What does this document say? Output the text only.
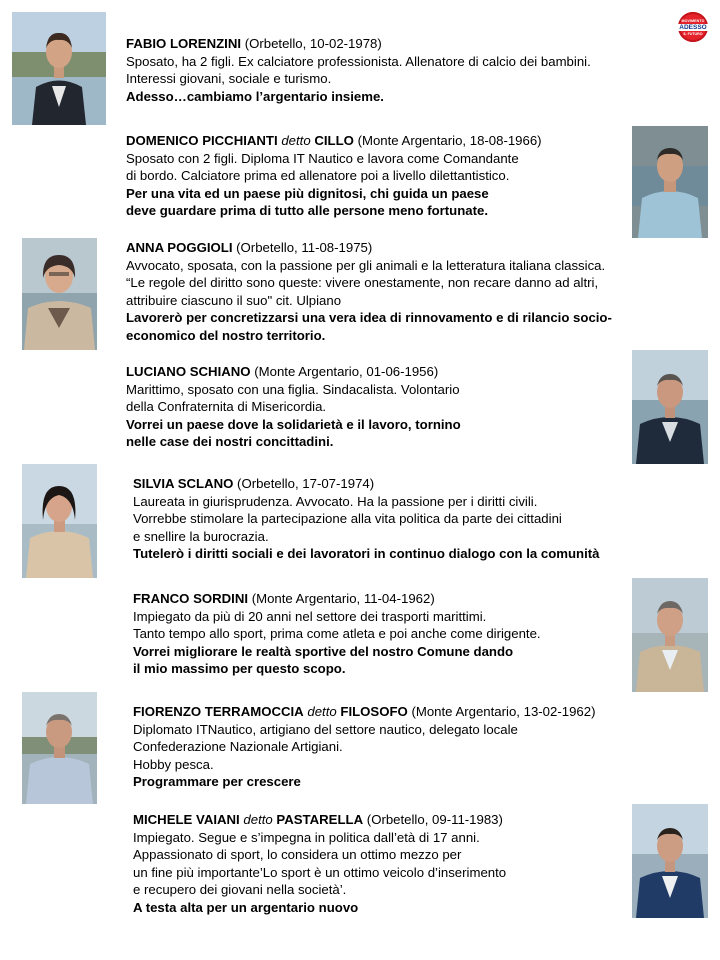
MOVIMENTO
ADESSO
IL FUTURO
FABIO LORENZINI (Orbetello, 10-02-1978)
Sposato, ha 2 figli. Ex calciatore professionista. Allenatore di calcio dei bambini.
Interessi giovani, sociale e turismo.
Adesso…cambiamo l’argentario insieme.
DOMENICO PICCHIANTI detto CILLO (Monte Argentario, 18-08-1966)
Sposato con 2 figli. Diploma IT Nautico e lavora come Comandante
di bordo. Calciatore prima ed allenatore poi a livello dilettantistico.
Per una vita ed un paese più dignitosi, chi guida un paese
deve guardare prima di tutto alle persone meno fortunate.
ANNA POGGIOLI (Orbetello, 11-08-1975)
Avvocato, sposata, con la passione per gli animali e la letteratura italiana classica.
“Le regole del diritto sono queste: vivere onestamente, non recare danno ad altri,
attribuire ciascuno il suo" cit. Ulpiano
Lavorerò per concretizzarsi una vera idea di rinnovamento e di rilancio socio-
economico del nostro territorio.
LUCIANO SCHIANO (Monte Argentario, 01-06-1956)
Marittimo, sposato con una figlia. Sindacalista. Volontario
della Confraternita di Misericordia.
Vorrei un paese dove la solidarietà e il lavoro, tornino
nelle case dei nostri concittadini.
SILVIA SCLANO (Orbetello, 17-07-1974)
Laureata in giurisprudenza. Avvocato. Ha la passione per i diritti civili.
Vorrebbe stimolare la partecipazione alla vita politica da parte dei cittadini
e snellire la burocrazia.
Tutelerò i diritti sociali e dei lavoratori in continuo dialogo con la comunità
FRANCO SORDINI (Monte Argentario, 11-04-1962)
Impiegato da più di 20 anni nel settore dei trasporti marittimi.
Tanto tempo allo sport, prima come atleta e poi anche come dirigente.
Vorrei migliorare le realtà sportive del nostro Comune dando
il mio massimo per questo scopo.
FIORENZO TERRAMOCCIA detto FILOSOFO (Monte Argentario, 13-02-1962)
Diplomato ITNautico, artigiano del settore nautico, delegato locale
Confederazione Nazionale Artigiani.
Hobby pesca.
Programmare per crescere
MICHELE VAIANI detto PASTARELLA (Orbetello, 09-11-1983)
Impiegato. Segue e s’impegna in politica dall’età di 17 anni.
Appassionato di sport, lo considera un ottimo mezzo per
un fine più importante’Lo sport è un ottimo veicolo d’inserimento
e recupero dei giovani nella società’.
A testa alta per un argentario nuovo
